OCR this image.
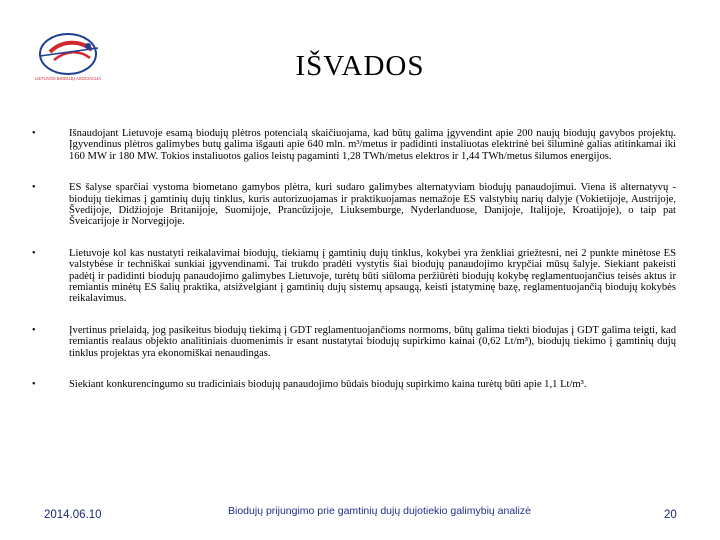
LIETUVOS BIODUJŲ ASOCIACIJA	IŠVADOS
•	Išnaudojant Lietuvoje esamą biodujų plėtros potencialą skaičiuojama, kad būtų galima įgyvendint apie 200 naujų biodujų gavybos projektų. Įgyvendinus plėtros galimybes butų galima išgauti apie 640 mln. m³/metus ir padidinti instaliuotas elektrinė bei šiluminė galias atitinkamai iki 160 MW ir 180 MW. Tokios instaliuotos galios leistų pagaminti 1,28 TWh/metus elektros ir 1,44 TWh/metus šilumos energijos.
•	ES šalyse sparčiai vystoma biometano gamybos plėtra, kuri sudaro galimybes alternatyviam biodujų panaudojimui. Viena iš alternatyvų - biodujų tiekimas į gamtinių dujų tinklus, kuris autorizuojamas ir praktikuojamas nemažoje ES valstybių narių dalyje (Vokietijoje, Austrijoje, Švedijoje, Didžiojoje Britanijoje, Suomijoje, Prancūzijoje, Liuksemburge, Nyderlanduose, Danijoje, Italijoje, Kroatijoje), o taip pat Šveicarijoje ir Norvegijoje.
•	Lietuvoje kol kas nustatyti reikalavimai biodujų, tiekiamų į gamtinių dujų tinklus, kokybei yra ženkliai griežtesni, nei 2 punkte minėtose ES valstybėse ir techniškai sunkiai įgyvendinami. Tai trukdo pradėti vystytis šiai biodujų panaudojimo krypčiai mūsų šalyje. Siekiant pakeisti padėtį ir padidinti biodujų panaudojimo galimybes Lietuvoje, turėtų būti siūloma peržiūrėti biodujų kokybę reglamentuojančius teisės aktus ir remiantis minėtų ES šalių praktika, atsižvelgiant į gamtinių dujų sistemų apsaugą, keisti įstatyminę bazę, reglamentuojančią biodujų kokybės reikalavimus.
•	Įvertinus prielaidą, jog pasikeitus biodujų tiekimą į GDT reglamentuojančioms normoms, būtų galima tiekti biodujas į GDT galima teigti, kad remiantis realaus objekto analitiniais duomenimis ir esant nustatytai biodujų supirkimo kainai (0,62 Lt/m³), biodujų tiekimo į gamtinių dujų tinklus projektas yra ekonomiškai nenaudingas.
•	Siekiant konkurencingumo su tradiciniais biodujų panaudojimo būdais biodujų supirkimo kaina turėtų būti apie 1,1 Lt/m³.
2014.06.10	Biodujų prijungimo prie gamtinių dujų dujotiekio galimybių analizė	20
